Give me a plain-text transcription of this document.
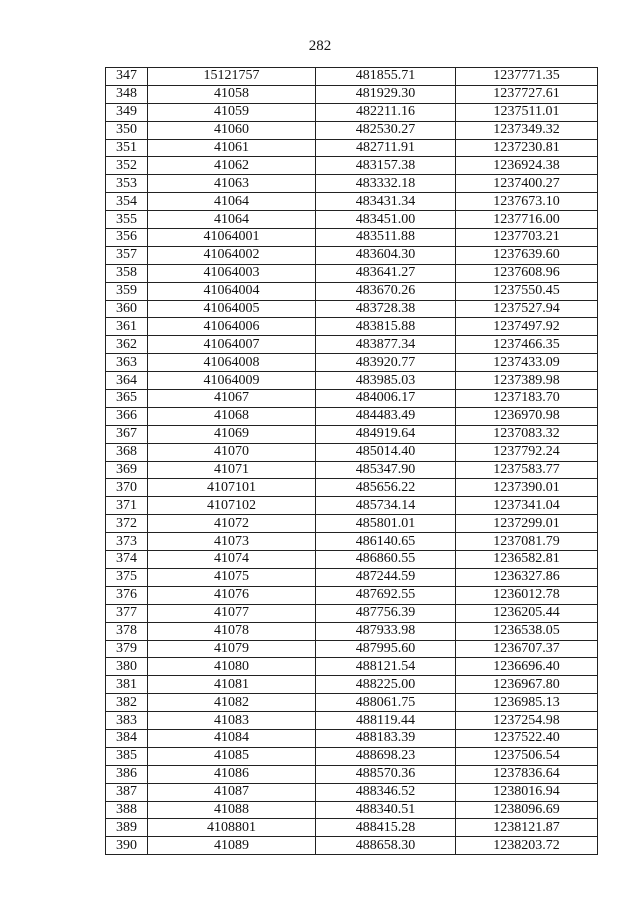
282
347	15121757	481855.71	1237771.35
348	41058	481929.30	1237727.61
349	41059	482211.16	1237511.01
350	41060	482530.27	1237349.32
351	41061	482711.91	1237230.81
352	41062	483157.38	1236924.38
353	41063	483332.18	1237400.27
354	41064	483431.34	1237673.10
355	41064	483451.00	1237716.00
356	41064001	483511.88	1237703.21
357	41064002	483604.30	1237639.60
358	41064003	483641.27	1237608.96
359	41064004	483670.26	1237550.45
360	41064005	483728.38	1237527.94
361	41064006	483815.88	1237497.92
362	41064007	483877.34	1237466.35
363	41064008	483920.77	1237433.09
364	41064009	483985.03	1237389.98
365	41067	484006.17	1237183.70
366	41068	484483.49	1236970.98
367	41069	484919.64	1237083.32
368	41070	485014.40	1237792.24
369	41071	485347.90	1237583.77
370	4107101	485656.22	1237390.01
371	4107102	485734.14	1237341.04
372	41072	485801.01	1237299.01
373	41073	486140.65	1237081.79
374	41074	486860.55	1236582.81
375	41075	487244.59	1236327.86
376	41076	487692.55	1236012.78
377	41077	487756.39	1236205.44
378	41078	487933.98	1236538.05
379	41079	487995.60	1236707.37
380	41080	488121.54	1236696.40
381	41081	488225.00	1236967.80
382	41082	488061.75	1236985.13
383	41083	488119.44	1237254.98
384	41084	488183.39	1237522.40
385	41085	488698.23	1237506.54
386	41086	488570.36	1237836.64
387	41087	488346.52	1238016.94
388	41088	488340.51	1238096.69
389	4108801	488415.28	1238121.87
390	41089	488658.30	1238203.72
